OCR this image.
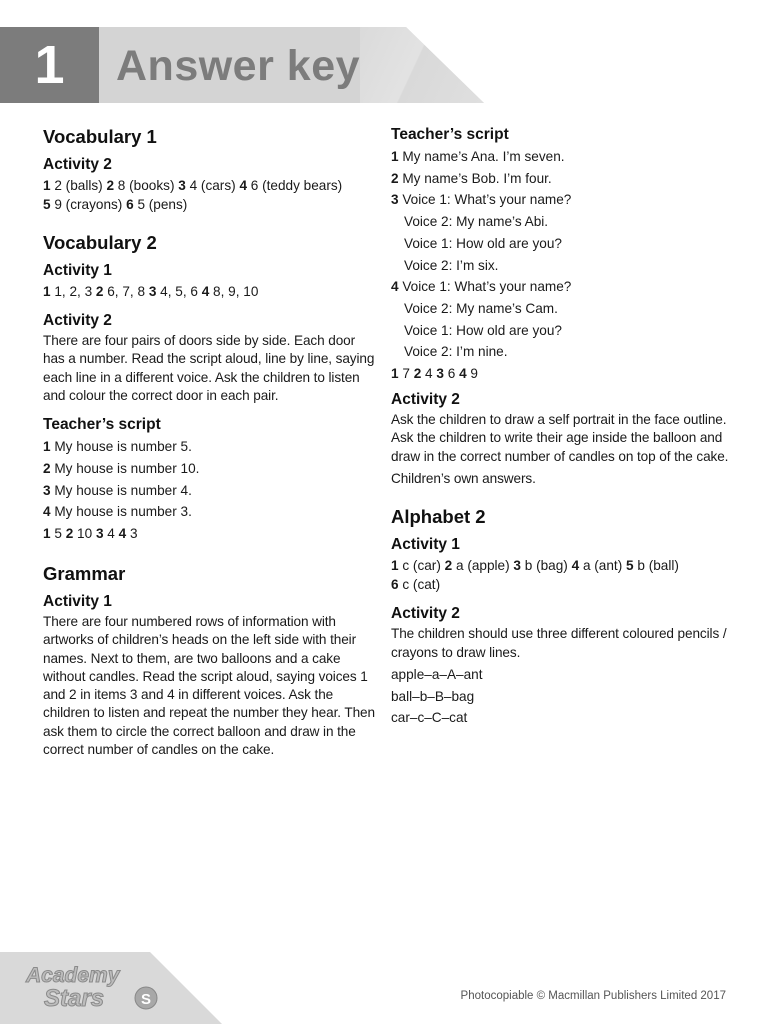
1	Answer key
Vocabulary 1
Activity 2

1 2 (balls) 2 8 (books) 3 4 (cars) 4 6 (teddy bears)

5 9 (crayons) 6 5 (pens)

Vocabulary 2
Activity 1

1 1, 2, 3 2 6, 7, 8 3 4, 5, 6 4 8, 9, 10

Activity 2

There are four pairs of doors side by side. Each door has a number. Read the script aloud, line by line, saying each line in a different voice. Ask the children to listen and colour the correct door in each pair.

Teacher’s script

1 My house is number 5.

2 My house is number 10.

3 My house is number 4.

4 My house is number 3.

1 5 2 10 3 4 4 3

Grammar
Activity 1

There are four numbered rows of information with artworks of children’s heads on the left side with their names. Next to them, are two balloons and a cake without candles. Read the script aloud, saying voices 1 and 2 in items 3 and 4 in different voices. Ask the children to listen and repeat the number they hear. Then ask them to circle the correct balloon and draw in the correct number of candles on the cake.

Teacher’s script

1 My name’s Ana. I’m seven.

2 My name’s Bob. I’m four.

3 Voice 1: What’s your name?

Voice 2: My name’s Abi.

Voice 1: How old are you?

Voice 2: I’m six.

4 Voice 1: What’s your name?

Voice 2: My name’s Cam.

Voice 1: How old are you?

Voice 2: I’m nine.

1 7 2 4 3 6 4 9

Activity 2

Ask the children to draw a self portrait in the face outline. Ask the children to write their age inside the balloon and draw in the correct number of candles on top of the cake.

Children’s own answers.

Alphabet 2
Activity 1

1 c (car) 2 a (apple) 3 b (bag) 4 a (ant) 5 b (ball)

6 c (cat)

Activity 2

The children should use three different coloured pencils / crayons to draw lines.

apple–a–A–ant

ball–b–B–bag

car–c–C–cat

Academy
Stars S	Photocopiable © Macmillan Publishers Limited 2017
